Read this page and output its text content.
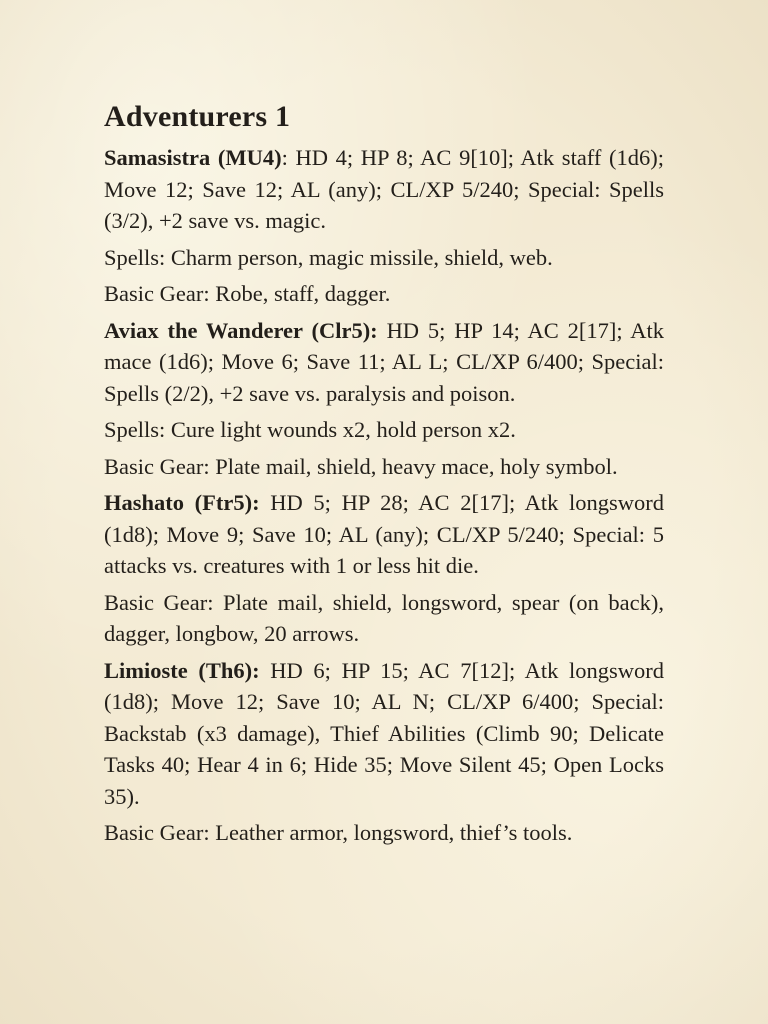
Adventurers 1

Samasistra (MU4): HD 4; HP 8; AC 9[10]; Atk staff (1d6); Move 12; Save 12; AL (any); CL/XP 5/240; Special: Spells (3/2), +2 save vs. magic.

Spells: Charm person, magic missile, shield, web.

Basic Gear: Robe, staff, dagger.

Aviax the Wanderer (Clr5): HD 5; HP 14; AC 2[17]; Atk mace (1d6); Move 6; Save 11; AL L; CL/XP 6/400; Special: Spells (2/2), +2 save vs. paralysis and poison.

Spells: Cure light wounds x2, hold person x2.

Basic Gear: Plate mail, shield, heavy mace, holy symbol.

Hashato (Ftr5): HD 5; HP 28; AC 2[17]; Atk longsword (1d8); Move 9; Save 10; AL (any); CL/XP 5/240; Special: 5 attacks vs. creatures with 1 or less hit die.

Basic Gear: Plate mail, shield, longsword, spear (on back), dagger, longbow, 20 arrows.

Limioste (Th6): HD 6; HP 15; AC 7[12]; Atk longsword (1d8); Move 12; Save 10; AL N; CL/XP 6/400; Special: Backstab (x3 damage), Thief Abilities (Climb 90; Delicate Tasks 40; Hear 4 in 6; Hide 35; Move Silent 45; Open Locks 35).

Basic Gear: Leather armor, longsword, thief’s tools.
